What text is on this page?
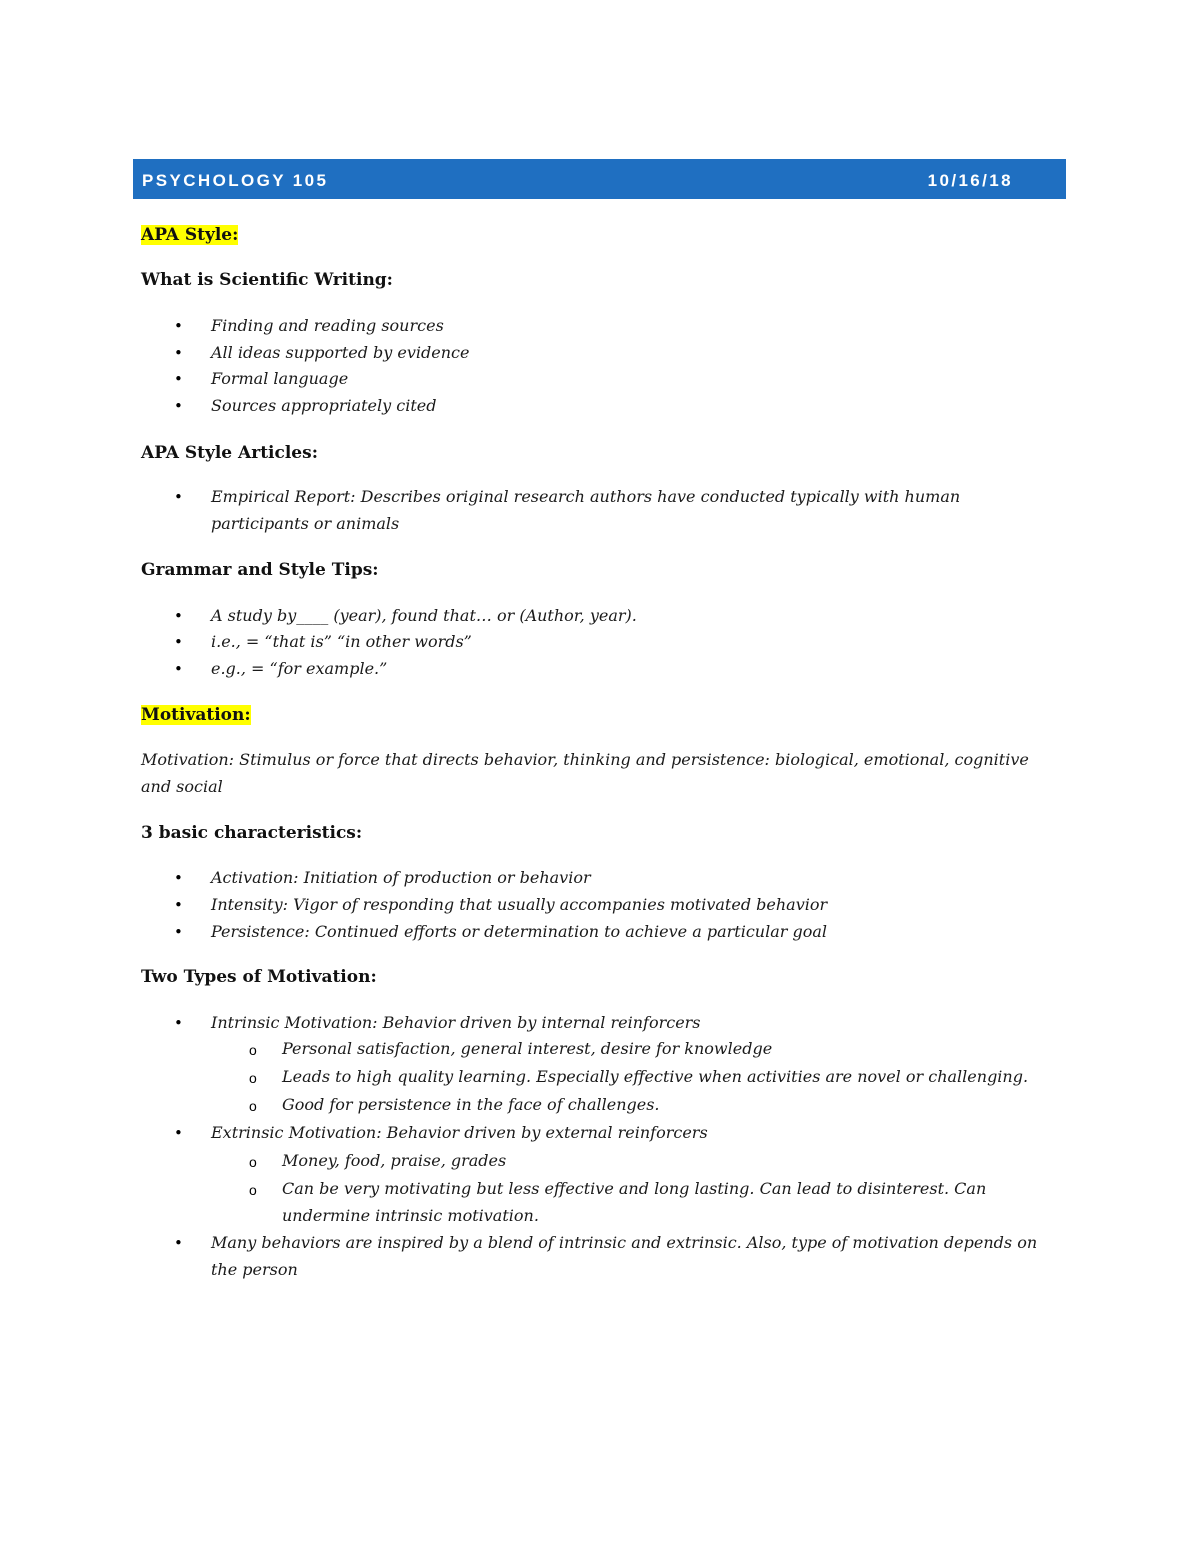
PSYCHOLOGY 105	10/16/18
APA Style:
What is Scientific Writing:
• Finding and reading sources
• All ideas supported by evidence
• Formal language
• Sources appropriately cited
APA Style Articles:
• Empirical Report: Describes original research authors have conducted typically with human participants or animals
Grammar and Style Tips:
• A study by____ (year), found that… or (Author, year).
• i.e., = “that is” “in other words”
• e.g., = “for example.”
Motivation:
Motivation: Stimulus or force that directs behavior, thinking and persistence: biological, emotional, cognitive and social
3 basic characteristics:
• Activation: Initiation of production or behavior
• Intensity: Vigor of responding that usually accompanies motivated behavior
• Persistence: Continued efforts or determination to achieve a particular goal
Two Types of Motivation:
• Intrinsic Motivation: Behavior driven by internal reinforcers
o Personal satisfaction, general interest, desire for knowledge
o Leads to high quality learning. Especially effective when activities are novel or challenging.
o Good for persistence in the face of challenges.
• Extrinsic Motivation: Behavior driven by external reinforcers
o Money, food, praise, grades
o Can be very motivating but less effective and long lasting. Can lead to disinterest. Can undermine intrinsic motivation.
• Many behaviors are inspired by a blend of intrinsic and extrinsic. Also, type of motivation depends on the person
